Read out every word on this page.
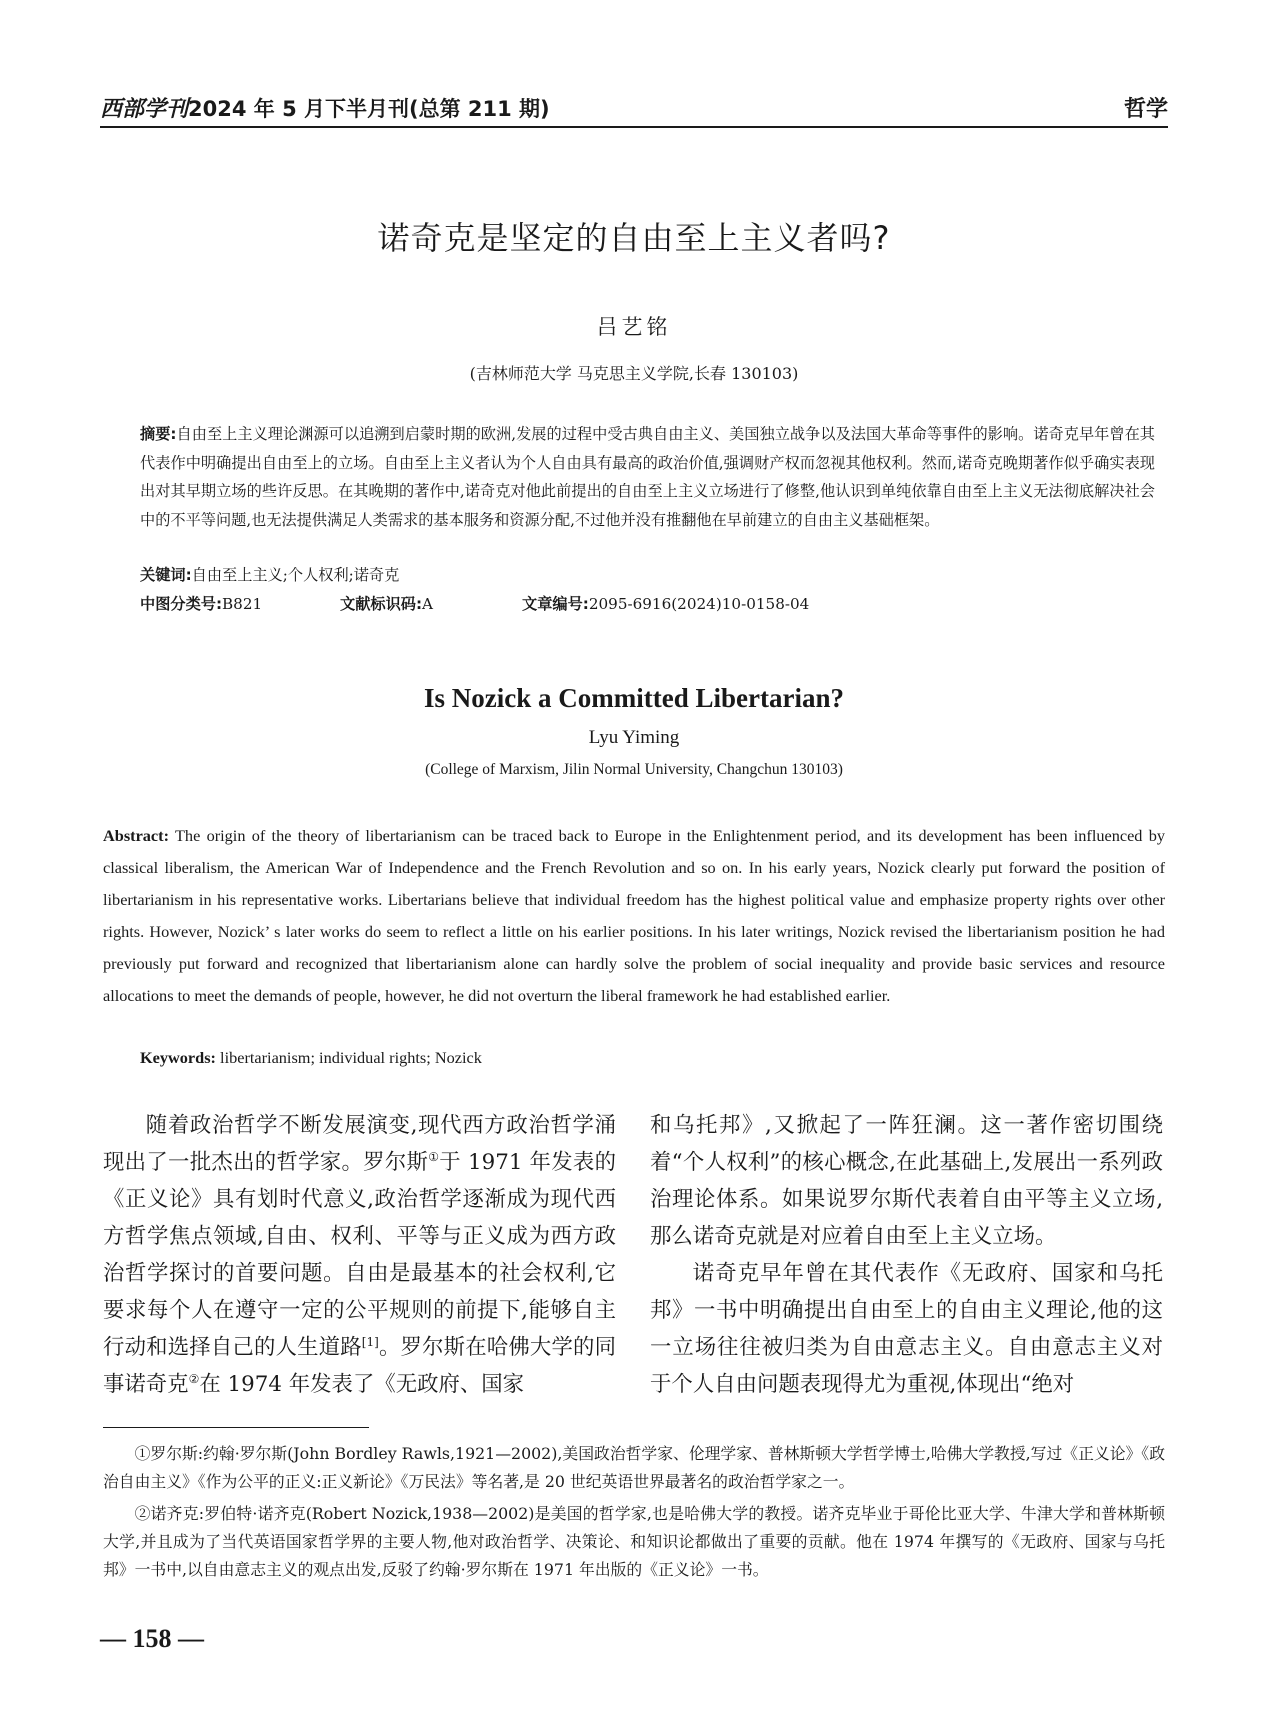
西部学刊2024 年 5 月下半月刊(总第 211 期)	哲学
诺奇克是坚定的自由至上主义者吗?
吕艺铭
(吉林师范大学 马克思主义学院,长春 130103)
摘要:自由至上主义理论渊源可以追溯到启蒙时期的欧洲,发展的过程中受古典自由主义、美国独立战争以及法国大革命等事件的影响。诺奇克早年曾在其代表作中明确提出自由至上的立场。自由至上主义者认为个人自由具有最高的政治价值,强调财产权而忽视其他权利。然而,诺奇克晚期著作似乎确实表现出对其早期立场的些许反思。在其晚期的著作中,诺奇克对他此前提出的自由至上主义立场进行了修整,他认识到单纯依靠自由至上主义无法彻底解决社会中的不平等问题,也无法提供满足人类需求的基本服务和资源分配,不过他并没有推翻他在早前建立的自由主义基础框架。
关键词:自由至上主义;个人权利;诺奇克
中图分类号:B821	文献标识码:A	文章编号:2095-6916(2024)10-0158-04
Is Nozick a Committed Libertarian?
Lyu Yiming
(College of Marxism, Jilin Normal University, Changchun 130103)
Abstract: The origin of the theory of libertarianism can be traced back to Europe in the Enlightenment period, and its development has been influenced by classical liberalism, the American War of Independence and the French Revolution and so on. In his early years, Nozick clearly put forward the position of libertarianism in his representative works. Libertarians believe that individual freedom has the highest political value and emphasize property rights over other rights. However, Nozick’ s later works do seem to reflect a little on his earlier positions. In his later writings, Nozick revised the libertarianism position he had previously put forward and recognized that libertarianism alone can hardly solve the problem of social inequality and provide basic services and resource allocations to meet the demands of people, however, he did not overturn the liberal framework he had established earlier.
Keywords: libertarianism; individual rights; Nozick

随着政治哲学不断发展演变,现代西方政治哲学涌现出了一批杰出的哲学家。罗尔斯①于 1971 年发表的《正义论》具有划时代意义,政治哲学逐渐成为现代西方哲学焦点领域,自由、权利、平等与正义成为西方政治哲学探讨的首要问题。自由是最基本的社会权利,它要求每个人在遵守一定的公平规则的前提下,能够自主行动和选择自己的人生道路[1]。罗尔斯在哈佛大学的同事诺奇克②在 1974 年发表了《无政府、国家

和乌托邦》,又掀起了一阵狂澜。这一著作密切围绕着“个人权利”的核心概念,在此基础上,发展出一系列政治理论体系。如果说罗尔斯代表着自由平等主义立场,那么诺奇克就是对应着自由至上主义立场。

诺奇克早年曾在其代表作《无政府、国家和乌托邦》一书中明确提出自由至上的自由主义理论,他的这一立场往往被归类为自由意志主义。自由意志主义对于个人自由问题表现得尤为重视,体现出“绝对

①罗尔斯:约翰·罗尔斯(John Bordley Rawls,1921—2002),美国政治哲学家、伦理学家、普林斯顿大学哲学博士,哈佛大学教授,写过《正义论》《政治自由主义》《作为公平的正义:正义新论》《万民法》等名著,是 20 世纪英语世界最著名的政治哲学家之一。

②诺齐克:罗伯特·诺齐克(Robert Nozick,1938—2002)是美国的哲学家,也是哈佛大学的教授。诺齐克毕业于哥伦比亚大学、牛津大学和普林斯顿大学,并且成为了当代英语国家哲学界的主要人物,他对政治哲学、决策论、和知识论都做出了重要的贡献。他在 1974 年撰写的《无政府、国家与乌托邦》一书中,以自由意志主义的观点出发,反驳了约翰·罗尔斯在 1971 年出版的《正义论》一书。

— 158 —
